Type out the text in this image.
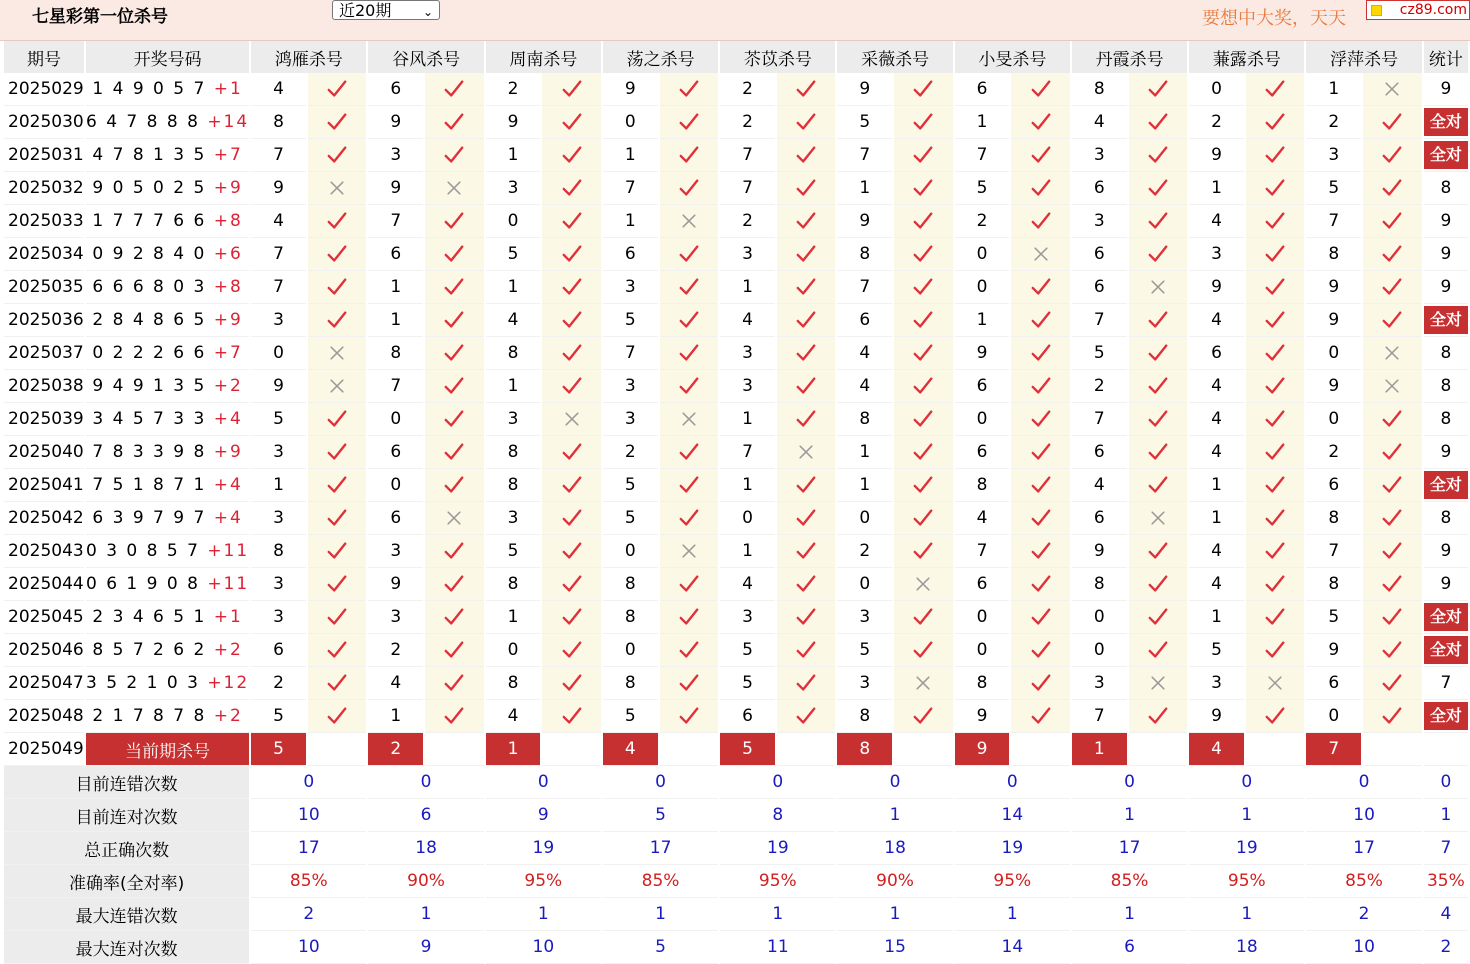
七星彩第一位杀号	近20期	⌄	要想中大奖，天天	cz89.com
期号	开奖号码	鸿雁杀号		谷风杀号		周南杀号		荡之杀号		苶苡杀号		采薇杀号		小旻杀号		丹霞杀号		蒹露杀号		浮萍杀号		统计
2025029	1 4 9 0 5 7 +1	4		6		2		9		2		9		6		8		0		1		9
2025030	6 4 7 8 8 8 +14	8		9		9		0		2		5		1		4		2		2		全对
2025031	4 7 8 1 3 5 +7	7		3		1		1		7		7		7		3		9		3		全对
2025032	9 0 5 0 2 5 +9	9		9		3		7		7		1		5		6		1		5		8
2025033	1 7 7 7 6 6 +8	4		7		0		1		2		9		2		3		4		7		9
2025034	0 9 2 8 4 0 +6	7		6		5		6		3		8		0		6		3		8		9
2025035	6 6 6 8 0 3 +8	7		1		1		3		1		7		0		6		9		9		9
2025036	2 8 4 8 6 5 +9	3		1		4		5		4		6		1		7		4		9		全对
2025037	0 2 2 2 6 6 +7	0		8		8		7		3		4		9		5		6		0		8
2025038	9 4 9 1 3 5 +2	9		7		1		3		3		4		6		2		4		9		8
2025039	3 4 5 7 3 3 +4	5		0		3		3		1		8		0		7		4		0		8
2025040	7 8 3 3 9 8 +9	3		6		8		2		7		1		6		6		4		2		9
2025041	7 5 1 8 7 1 +4	1		0		8		5		1		1		8		4		1		6		全对
2025042	6 3 9 7 9 7 +4	3		6		3		5		0		0		4		6		1		8		8
2025043	0 3 0 8 5 7 +11	8		3		5		0		1		2		7		9		4		7		9
2025044	0 6 1 9 0 8 +11	3		9		8		8		4		0		6		8		4		8		9
2025045	2 3 4 6 5 1 +1	3		3		1		8		3		3		0		0		1		5		全对
2025046	8 5 7 2 6 2 +2	6		2		0		0		5		5		0		0		5		9		全对
2025047	3 5 2 1 0 3 +12	2		4		8		8		5		3		8		3		3		6		7
2025048	2 1 7 8 7 8 +2	5		1		4		5		6		8		9		7		9		0		全对
2025049	当前期杀号	5		2		1		4		5		8		9		1		4		7		
目前连错次数		0		0		0		0		0		0		0		0		0		0		0
目前连对次数		10		6		9		5		8		1		14		1		1		10		1
总正确次数		17		18		19		17		19		18		19		17		19		17		7
准确率(全对率)		85%		90%		95%		85%		95%		90%		95%		85%		95%		85%		35%
最大连错次数		2		1		1		1		1		1		1		1		1		2		4
最大连对次数		10		9		10		5		11		15		14		6		18		10		2
